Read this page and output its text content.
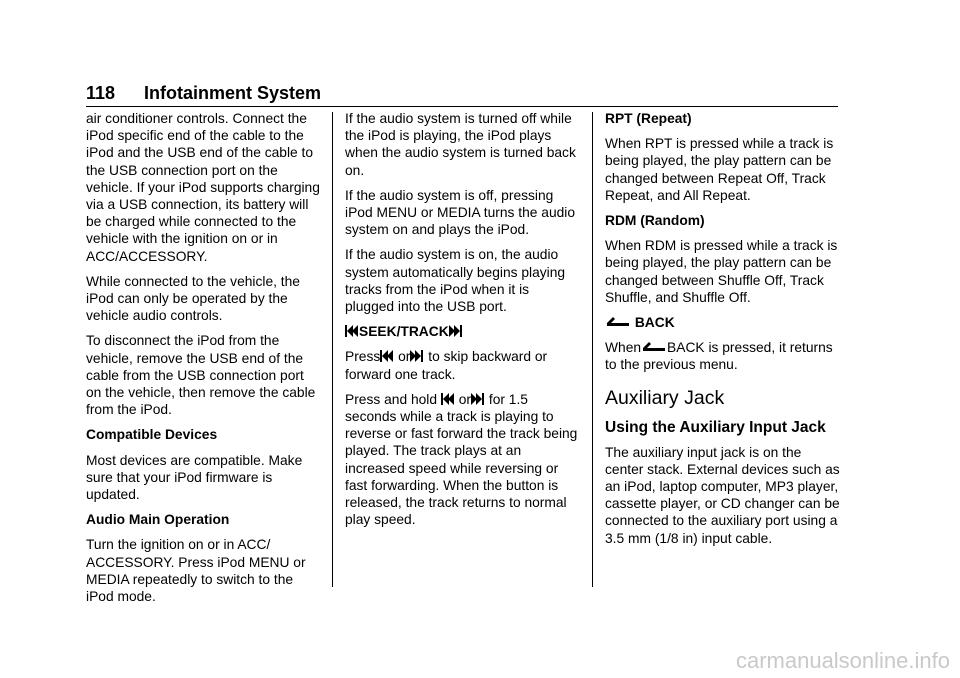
118 Infotainment System

air conditioner controls. Connect the iPod specific end of the cable to the iPod and the USB end of the cable to the USB connection port on the vehicle. If your iPod supports charging via a USB connection, its battery will be charged while connected to the vehicle with the ignition on or in ACC/ACCESSORY.

While connected to the vehicle, the iPod can only be operated by the vehicle audio controls.

To disconnect the iPod from the vehicle, remove the USB end of the cable from the USB connection port on the vehicle, then remove the cable from the iPod.

Compatible Devices

Most devices are compatible. Make sure that your iPod firmware is updated.

Audio Main Operation

Turn the ignition on or in ACC/ ACCESSORY. Press iPod MENU or MEDIA repeatedly to switch to the iPod mode.

If the audio system is turned off while the iPod is playing, the iPod plays when the audio system is turned back on.

If the audio system is off, pressing iPod MENU or MEDIA turns the audio system on and plays the iPod.

If the audio system is on, the audio system automatically begins playing tracks from the iPod when it is plugged into the USB port.

SEEK/TRACK

Press or to skip backward or forward one track.

Press and hold or for 1.5 seconds while a track is playing to reverse or fast forward the track being played. The track plays at an increased speed while reversing or fast forwarding. When the button is released, the track returns to normal play speed.

RPT (Repeat)

When RPT is pressed while a track is being played, the play pattern can be changed between Repeat Off, Track Repeat, and All Repeat.

RDM (Random)

When RDM is pressed while a track is being played, the play pattern can be changed between Shuffle Off, Track Shuffle, and Shuffle Off.

BACK

When BACK is pressed, it returns to the previous menu.

Auxiliary Jack
Using the Auxiliary Input Jack

The auxiliary input jack is on the center stack. External devices such as an iPod, laptop computer, MP3 player, cassette player, or CD changer can be connected to the auxiliary port using a 3.5 mm (1/8 in) input cable.

carmanualsonline.info
